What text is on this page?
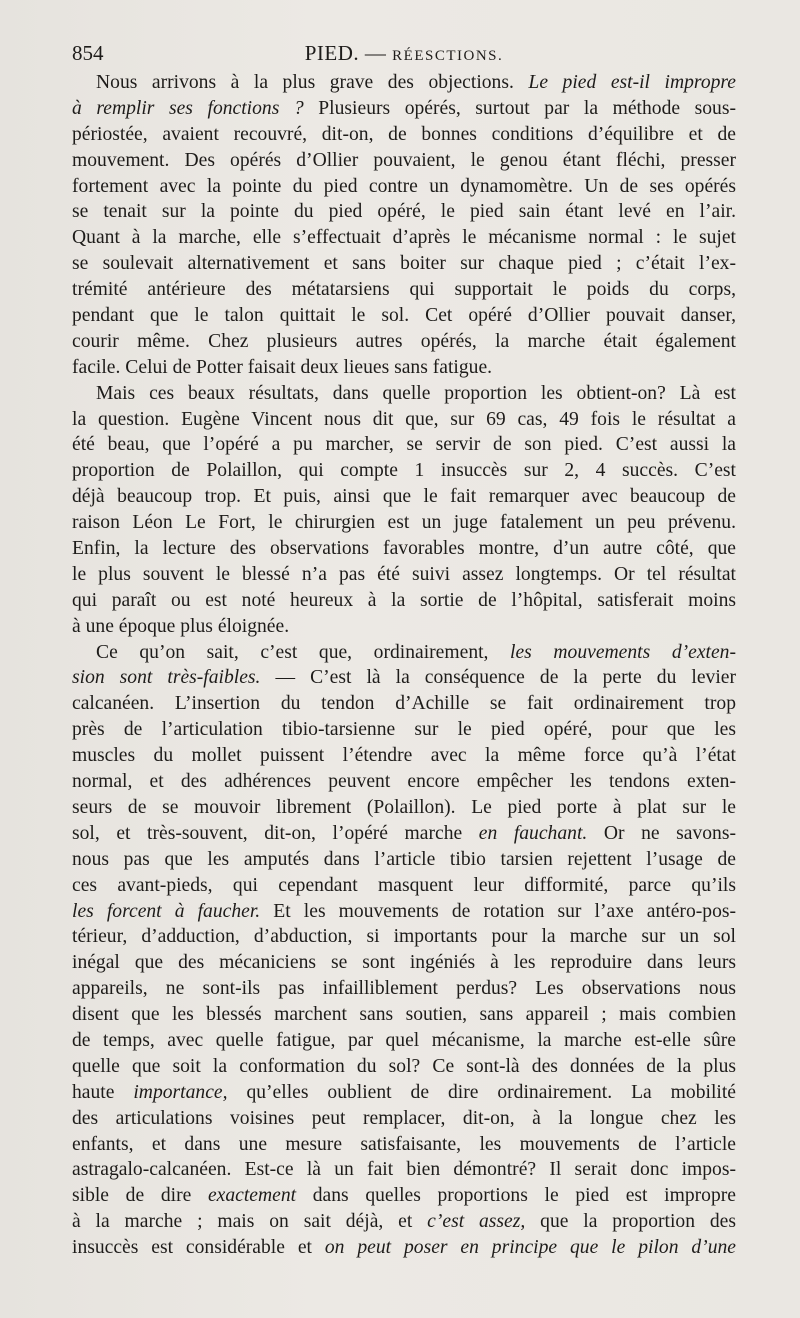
854	PIED. — RÉESCTIONS.
Nous arrivons à la plus grave des objections. Le pied est-il impropre
à remplir ses fonctions ? Plusieurs opérés, surtout par la méthode sous-
périostée, avaient recouvré, dit-on, de bonnes conditions d’équilibre et de
mouvement. Des opérés d’Ollier pouvaient, le genou étant fléchi, presser
fortement avec la pointe du pied contre un dynamomètre. Un de ses opérés
se tenait sur la pointe du pied opéré, le pied sain étant levé en l’air.
Quant à la marche, elle s’effectuait d’après le mécanisme normal : le sujet
se soulevait alternativement et sans boiter sur chaque pied ; c’était l’ex-
trémité antérieure des métatarsiens qui supportait le poids du corps,
pendant que le talon quittait le sol. Cet opéré d’Ollier pouvait danser,
courir même. Chez plusieurs autres opérés, la marche était également
facile. Celui de Potter faisait deux lieues sans fatigue.
Mais ces beaux résultats, dans quelle proportion les obtient-on? Là est
la question. Eugène Vincent nous dit que, sur 69 cas, 49 fois le résultat a
été beau, que l’opéré a pu marcher, se servir de son pied. C’est aussi la
proportion de Polaillon, qui compte 1 insuccès sur 2, 4 succès. C’est
déjà beaucoup trop. Et puis, ainsi que le fait remarquer avec beaucoup de
raison Léon Le Fort, le chirurgien est un juge fatalement un peu prévenu.
Enfin, la lecture des observations favorables montre, d’un autre côté, que
le plus souvent le blessé n’a pas été suivi assez longtemps. Or tel résultat
qui paraît ou est noté heureux à la sortie de l’hôpital, satisferait moins
à une époque plus éloignée.
Ce qu’on sait, c’est que, ordinairement, les mouvements d’exten-
sion sont très-faibles. — C’est là la conséquence de la perte du levier
calcanéen. L’insertion du tendon d’Achille se fait ordinairement trop
près de l’articulation tibio-tarsienne sur le pied opéré, pour que les
muscles du mollet puissent l’étendre avec la même force qu’à l’état
normal, et des adhérences peuvent encore empêcher les tendons exten-
seurs de se mouvoir librement (Polaillon). Le pied porte à plat sur le
sol, et très-souvent, dit-on, l’opéré marche en fauchant. Or ne savons-
nous pas que les amputés dans l’article tibio tarsien rejettent l’usage de
ces avant-pieds, qui cependant masquent leur difformité, parce qu’ils
les forcent à faucher. Et les mouvements de rotation sur l’axe antéro-pos-
térieur, d’adduction, d’abduction, si importants pour la marche sur un sol
inégal que des mécaniciens se sont ingéniés à les reproduire dans leurs
appareils, ne sont-ils pas infailliblement perdus? Les observations nous
disent que les blessés marchent sans soutien, sans appareil ; mais combien
de temps, avec quelle fatigue, par quel mécanisme, la marche est-elle sûre
quelle que soit la conformation du sol? Ce sont-là des données de la plus
haute importance, qu’elles oublient de dire ordinairement. La mobilité
des articulations voisines peut remplacer, dit-on, à la longue chez les
enfants, et dans une mesure satisfaisante, les mouvements de l’article
astragalo-calcanéen. Est-ce là un fait bien démontré? Il serait donc impos-
sible de dire exactement dans quelles proportions le pied est impropre
à la marche ; mais on sait déjà, et c’est assez, que la proportion des
insuccès est considérable et on peut poser en principe que le pilon d’une
